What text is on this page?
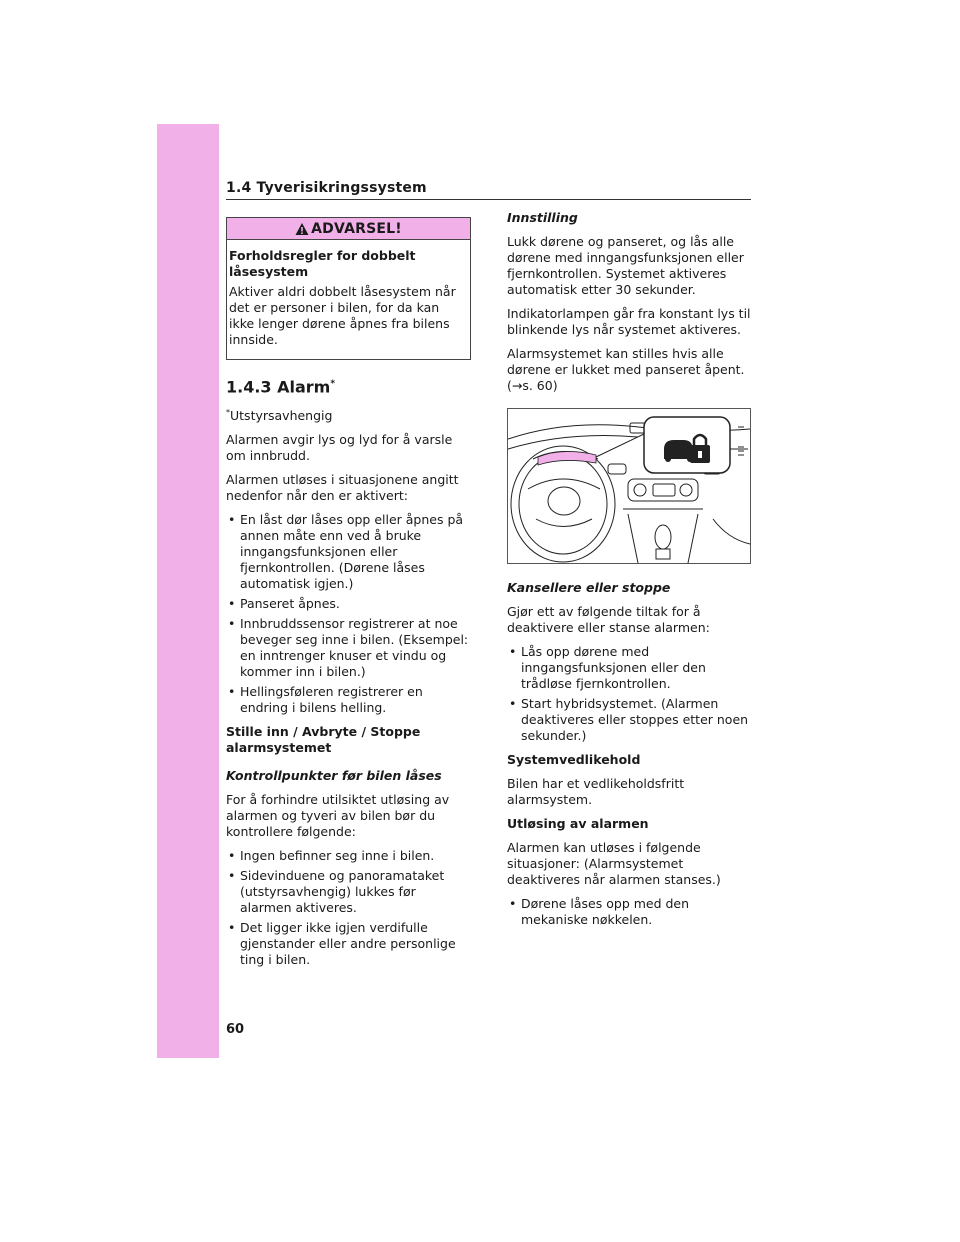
1.4 Tyverisikringssystem
ADVARSEL!

Forholdsregler for dobbelt låsesystem

Aktiver aldri dobbelt låsesystem når det er personer i bilen, for da kan ikke lenger dørene åpnes fra bilens innside.

1.4.3 Alarm*

*Utstyrsavhengig

Alarmen avgir lys og lyd for å varsle om innbrudd.

Alarmen utløses i situasjonene angitt nedenfor når den er aktivert:

• En låst dør låses opp eller åpnes på annen måte enn ved å bruke inngangsfunksjonen eller fjernkontrollen. (Dørene låses automatisk igjen.)
• Panseret åpnes.
• Innbruddssensor registrerer at noe beveger seg inne i bilen. (Eksempel: en inntrenger knuser et vindu og kommer inn i bilen.)
• Hellingsføleren registrerer en endring i bilens helling.

Stille inn / Avbryte / Stoppe alarmsystemet

Kontrollpunkter før bilen låses

For å forhindre utilsiktet utløsing av alarmen og tyveri av bilen bør du kontrollere følgende:

• Ingen befinner seg inne i bilen.
• Sidevinduene og panoramataket (utstyrsavhengig) lukkes før alarmen aktiveres.
• Det ligger ikke igjen verdifulle gjenstander eller andre personlige ting i bilen.

Innstilling

Lukk dørene og panseret, og lås alle dørene med inngangsfunksjonen eller fjernkontrollen. Systemet aktiveres automatisk etter 30 sekunder.

Indikatorlampen går fra konstant lys til blinkende lys når systemet aktiveres.

Alarmsystemet kan stilles hvis alle dørene er lukket med panseret åpent. (→s. 60)

Kansellere eller stoppe

Gjør ett av følgende tiltak for å deaktivere eller stanse alarmen:

• Lås opp dørene med inngangsfunksjonen eller den trådløse fjernkontrollen.
• Start hybridsystemet. (Alarmen deaktiveres eller stoppes etter noen sekunder.)

Systemvedlikehold

Bilen har et vedlikeholdsfritt alarmsystem.

Utløsing av alarmen

Alarmen kan utløses i følgende situasjoner: (Alarmsystemet deaktiveres når alarmen stanses.)

• Dørene låses opp med den mekaniske nøkkelen.
60
